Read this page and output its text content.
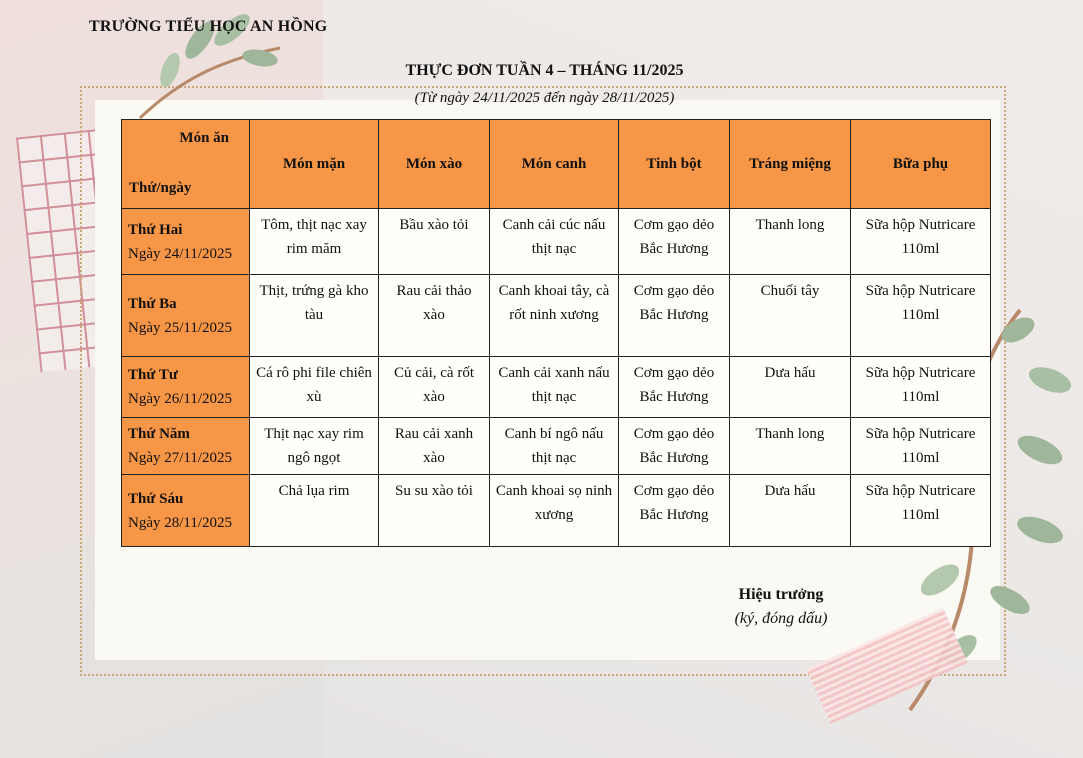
TRƯỜNG TIỂU HỌC AN HỒNG
THỰC ĐƠN TUẦN 4 – THÁNG 11/2025
(Từ ngày 24/11/2025 đến ngày 28/11/2025)
Món ăn
Thứ/ngày	Món mặn	Món xào	Món canh	Tinh bột	Tráng miệng	Bữa phụ

Thứ Hai
Ngày 24/11/2025	Tôm, thịt nạc xay rim măm	Bầu xào tỏi	Canh cải cúc nấu thịt nạc	Cơm gạo dẻo Bắc Hương	Thanh long	Sữa hộp Nutricare 110ml

Thứ Ba
Ngày 25/11/2025	Thịt, trứng gà kho tàu	Rau cải thảo xào	Canh khoai tây, cà rốt ninh xương	Cơm gạo dẻo Bắc Hương	Chuối tây	Sữa hộp Nutricare 110ml

Thứ Tư
Ngày 26/11/2025	Cá rô phi file chiên xù	Củ cải, cà rốt xào	Canh cải xanh nấu thịt nạc	Cơm gạo dẻo Bắc Hương	Dưa hấu	Sữa hộp Nutricare 110ml

Thứ Năm
Ngày 27/11/2025	Thịt nạc xay rim ngô ngọt	Rau cải xanh xào	Canh bí ngô nấu thịt nạc	Cơm gạo dẻo Bắc Hương	Thanh long	Sữa hộp Nutricare 110ml

Thứ Sáu
Ngày 28/11/2025	Chả lụa rim	Su su xào tỏi	Canh khoai sọ ninh xương	Cơm gạo dẻo Bắc Hương	Dưa hấu	Sữa hộp Nutricare 110ml
Hiệu trưởng
(ký, đóng dấu)
